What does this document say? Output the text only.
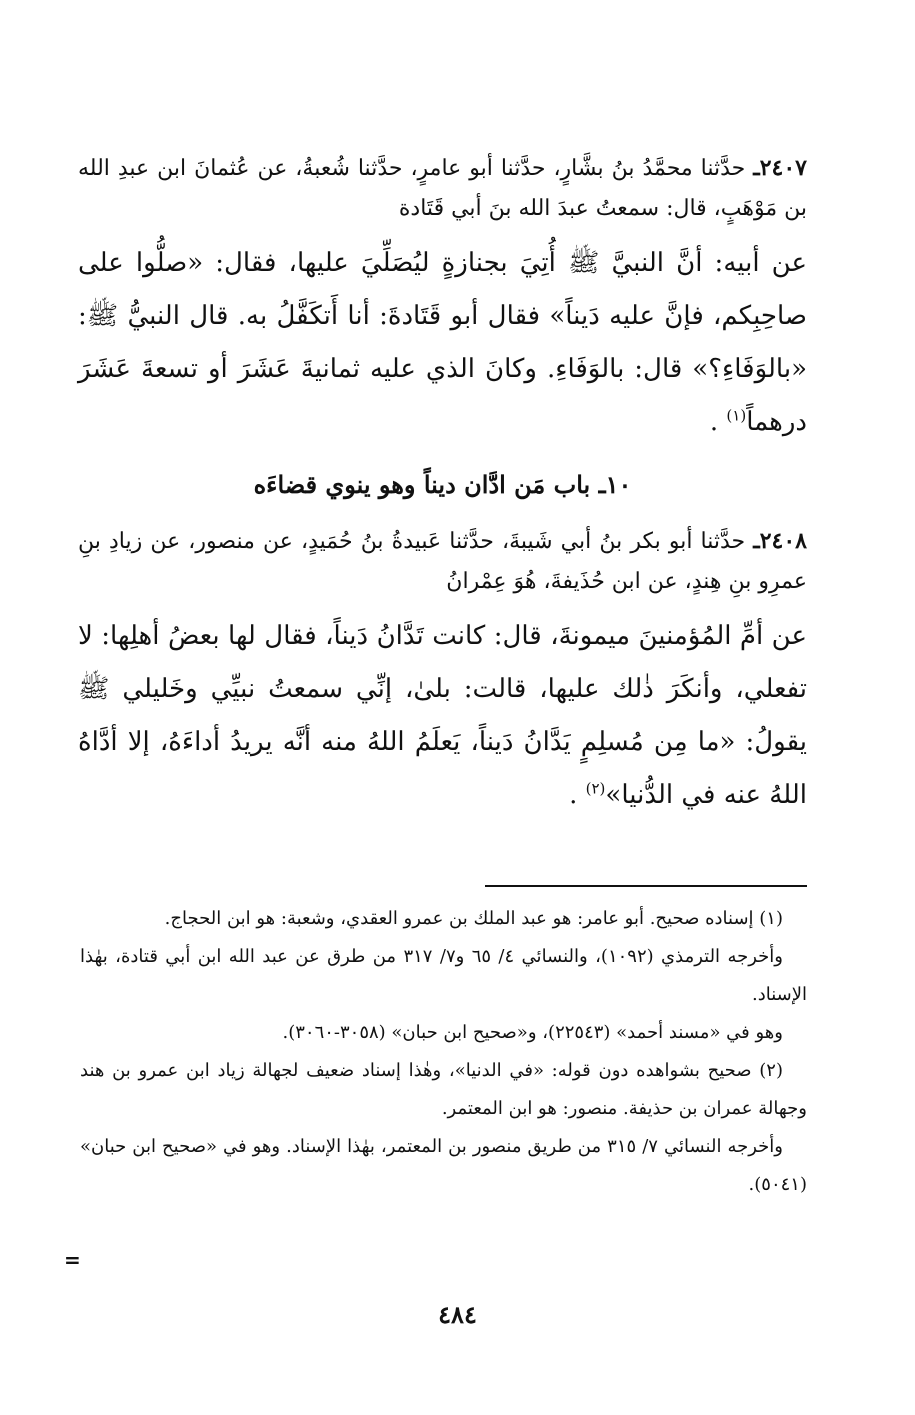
٢٤٠٧ـ حدَّثنا محمَّدُ بنُ بشَّارٍ، حدَّثنا أبو عامرٍ، حدَّثنا شُعبةُ، عن عُثمانَ ابن عبدِ الله بن مَوْهَبٍ، قال: سمعتُ عبدَ الله بنَ أبي قَتَادة

عن أبيه: أنَّ النبيَّ ﷺ أُتِيَ بجنازةٍ ليُصَلِّيَ عليها، فقال: «صلُّوا على صاحِبِكم، فإنَّ عليه دَيناً» فقال أبو قَتَادةَ: أنا أَتكَفَّلُ به. قال النبيُّ ﷺ: «بالوَفَاءِ؟» قال: بالوَفَاءِ. وكانَ الذي عليه ثمانيةَ عَشَرَ أو تسعةَ عَشَرَ درهماً$^{(١)}$ .

١٠ـ باب مَن ادَّان ديناً وهو ينوي قضاءَه

٢٤٠٨ـ حدَّثنا أبو بكر بنُ أبي شَيبةَ، حدَّثنا عَبيدةُ بنُ حُمَيدٍ، عن منصور، عن زيادِ بنِ عمرِو بنِ هِندٍ، عن ابن حُذَيفةَ، هُوَ عِمْرانُ

عن أمِّ المُؤمنينَ ميمونةَ، قال: كانت تَدَّانُ دَيناً، فقال لها بعضُ أهلِها: لا تفعلي، وأنكَرَ ذٰلك عليها، قالت: بلىٰ، إنِّي سمعتُ نبيِّي وخَليلي ﷺ يقولُ: «ما مِن مُسلِمٍ يَدَّانُ دَيناً، يَعلَمُ اللهُ منه أنَّه يريدُ أداءَهُ، إلا أدَّاهُ اللهُ عنه في الدُّنيا»$^{(٢)}$ .

(١) إسناده صحيح. أبو عامر: هو عبد الملك بن عمرو العقدي، وشعبة: هو ابن الحجاج.

وأخرجه الترمذي (١٠٩٢)، والنسائي ٤/ ٦٥ و٧/ ٣١٧ من طرق عن عبد الله ابن أبي قتادة، بهٰذا الإسناد.

وهو في «مسند أحمد» (٢٢٥٤٣)، و«صحيح ابن حبان» (٣٠٥٨-٣٠٦٠).

(٢) صحيح بشواهده دون قوله: «في الدنيا»، وهٰذا إسناد ضعيف لجهالة زياد ابن عمرو بن هند وجهالة عمران بن حذيفة. منصور: هو ابن المعتمر.

وأخرجه النسائي ٧/ ٣١٥ من طريق منصور بن المعتمر، بهٰذا الإسناد. وهو في «صحيح ابن حبان» (٥٠٤١).

=
٤٨٤
